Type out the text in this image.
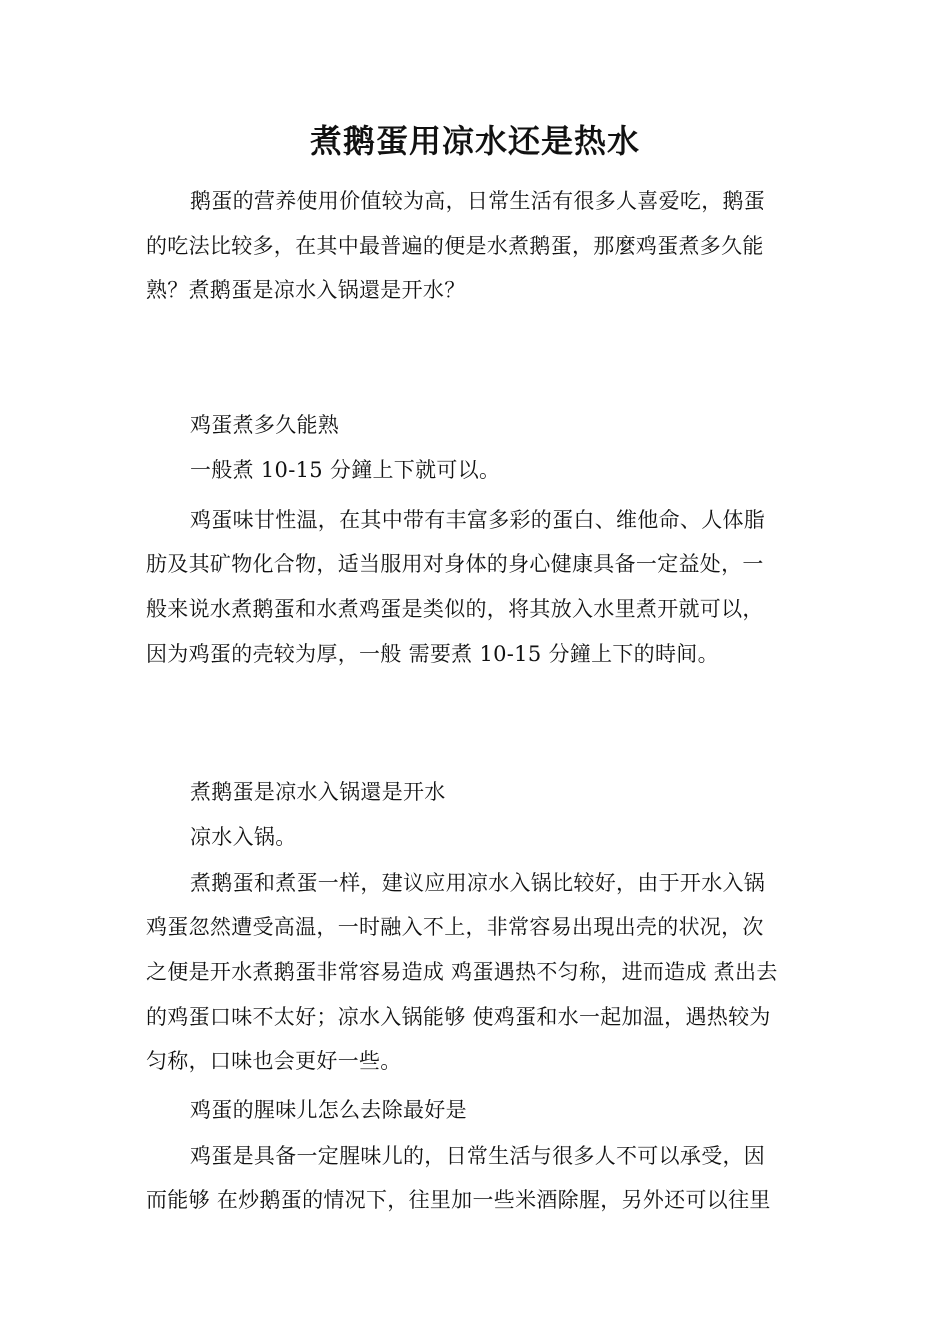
煮鹅蛋用凉水还是热水
鹅蛋的营养使用价值较为高，日常生活有很多人喜爱吃，鹅蛋
的吃法比较多，在其中最普遍的便是水煮鹅蛋，那麼鸡蛋煮多久能
熟？煮鹅蛋是凉水入锅還是开水？
鸡蛋煮多久能熟
一般煮 10-15 分鐘上下就可以。
鸡蛋味甘性温，在其中带有丰富多彩的蛋白、维他命、人体脂
肪及其矿物化合物，适当服用对身体的身心健康具备一定益处，一
般来说水煮鹅蛋和水煮鸡蛋是类似的，将其放入水里煮开就可以，
因为鸡蛋的壳较为厚，一般 需要煮 10-15 分鐘上下的時间。
煮鹅蛋是凉水入锅還是开水
凉水入锅。
煮鹅蛋和煮蛋一样，建议应用凉水入锅比较好，由于开水入锅
鸡蛋忽然遭受高温，一时融入不上，非常容易出現出壳的状况，次
之便是开水煮鹅蛋非常容易造成 鸡蛋遇热不匀称，进而造成 煮出去
的鸡蛋口味不太好；凉水入锅能够 使鸡蛋和水一起加温，遇热较为
匀称，口味也会更好一些。
鸡蛋的腥味儿怎么去除最好是
鸡蛋是具备一定腥味儿的，日常生活与很多人不可以承受，因
而能够 在炒鹅蛋的情况下，往里加一些米酒除腥，另外还可以往里
